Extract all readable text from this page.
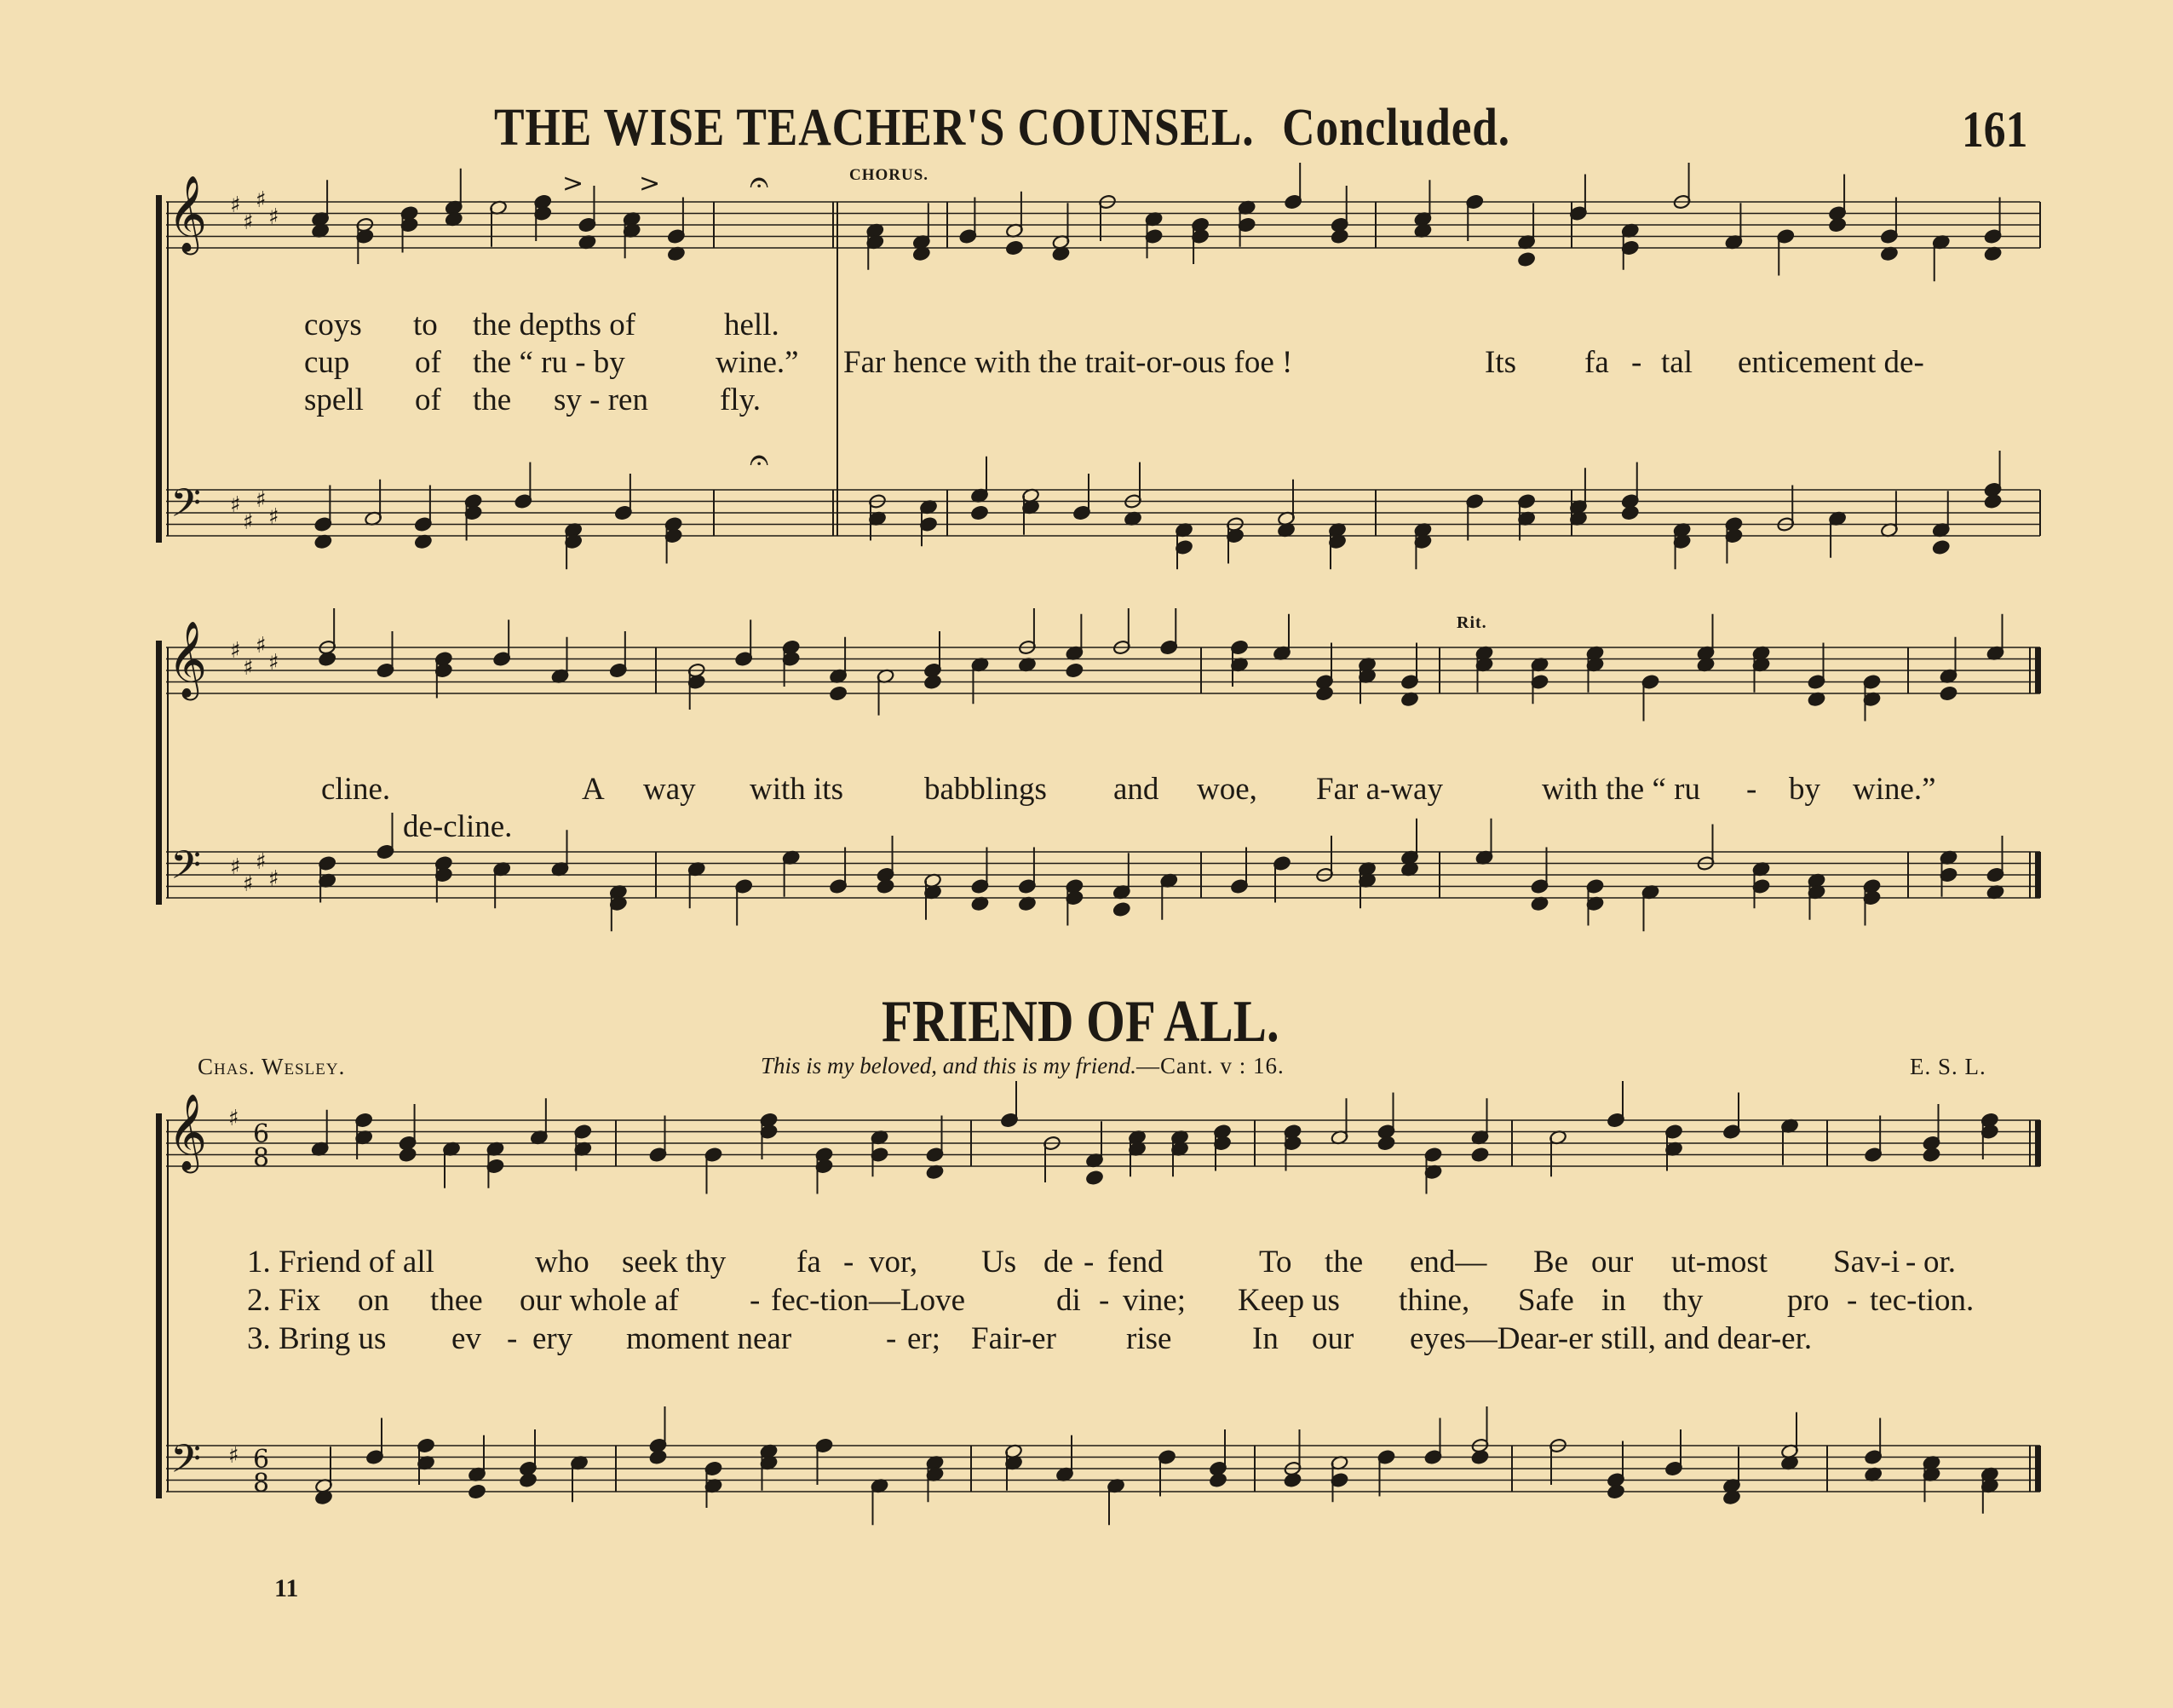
THE WISE TEACHER'S COUNSEL. Concluded.	161
𝄞
𝄢
♯
♯
♯
♯
♯
♯
♯
♯
𝄐
𝄐
> >
𝄞
𝄢
♯
♯
♯
♯
♯
♯
♯
♯
𝄞
𝄢
♯
♯
6
8
6
8
CHORUS.
Rit.
coys to the depths of	hell.
cup of the “ ru - by	wine.” Far hence with the trait-or-ous foe !	Its fa - tal enticement de-
spell of the sy - ren fly.
cline.	A way with its	babblings and woe, Far a-way	with the “ ru - by wine.”
de-cline.
FRIEND OF ALL.
Chas. Wesley.	This is my beloved, and this is my friend.—Cant. v : 16.	E. S. L.
1. Friend of all	who seek thy fa - vor, Us de - fend	To the end— Be our ut-most Sav-i - or.
2. Fix on thee our whole af - fec-tion—Love	di - vine; Keep us thine, Safe in thy	pro - tec-tion.
3. Bring us ev - ery moment near	- er; Fair-er rise	In our eyes—Dear-er still, and dear-er.
11
